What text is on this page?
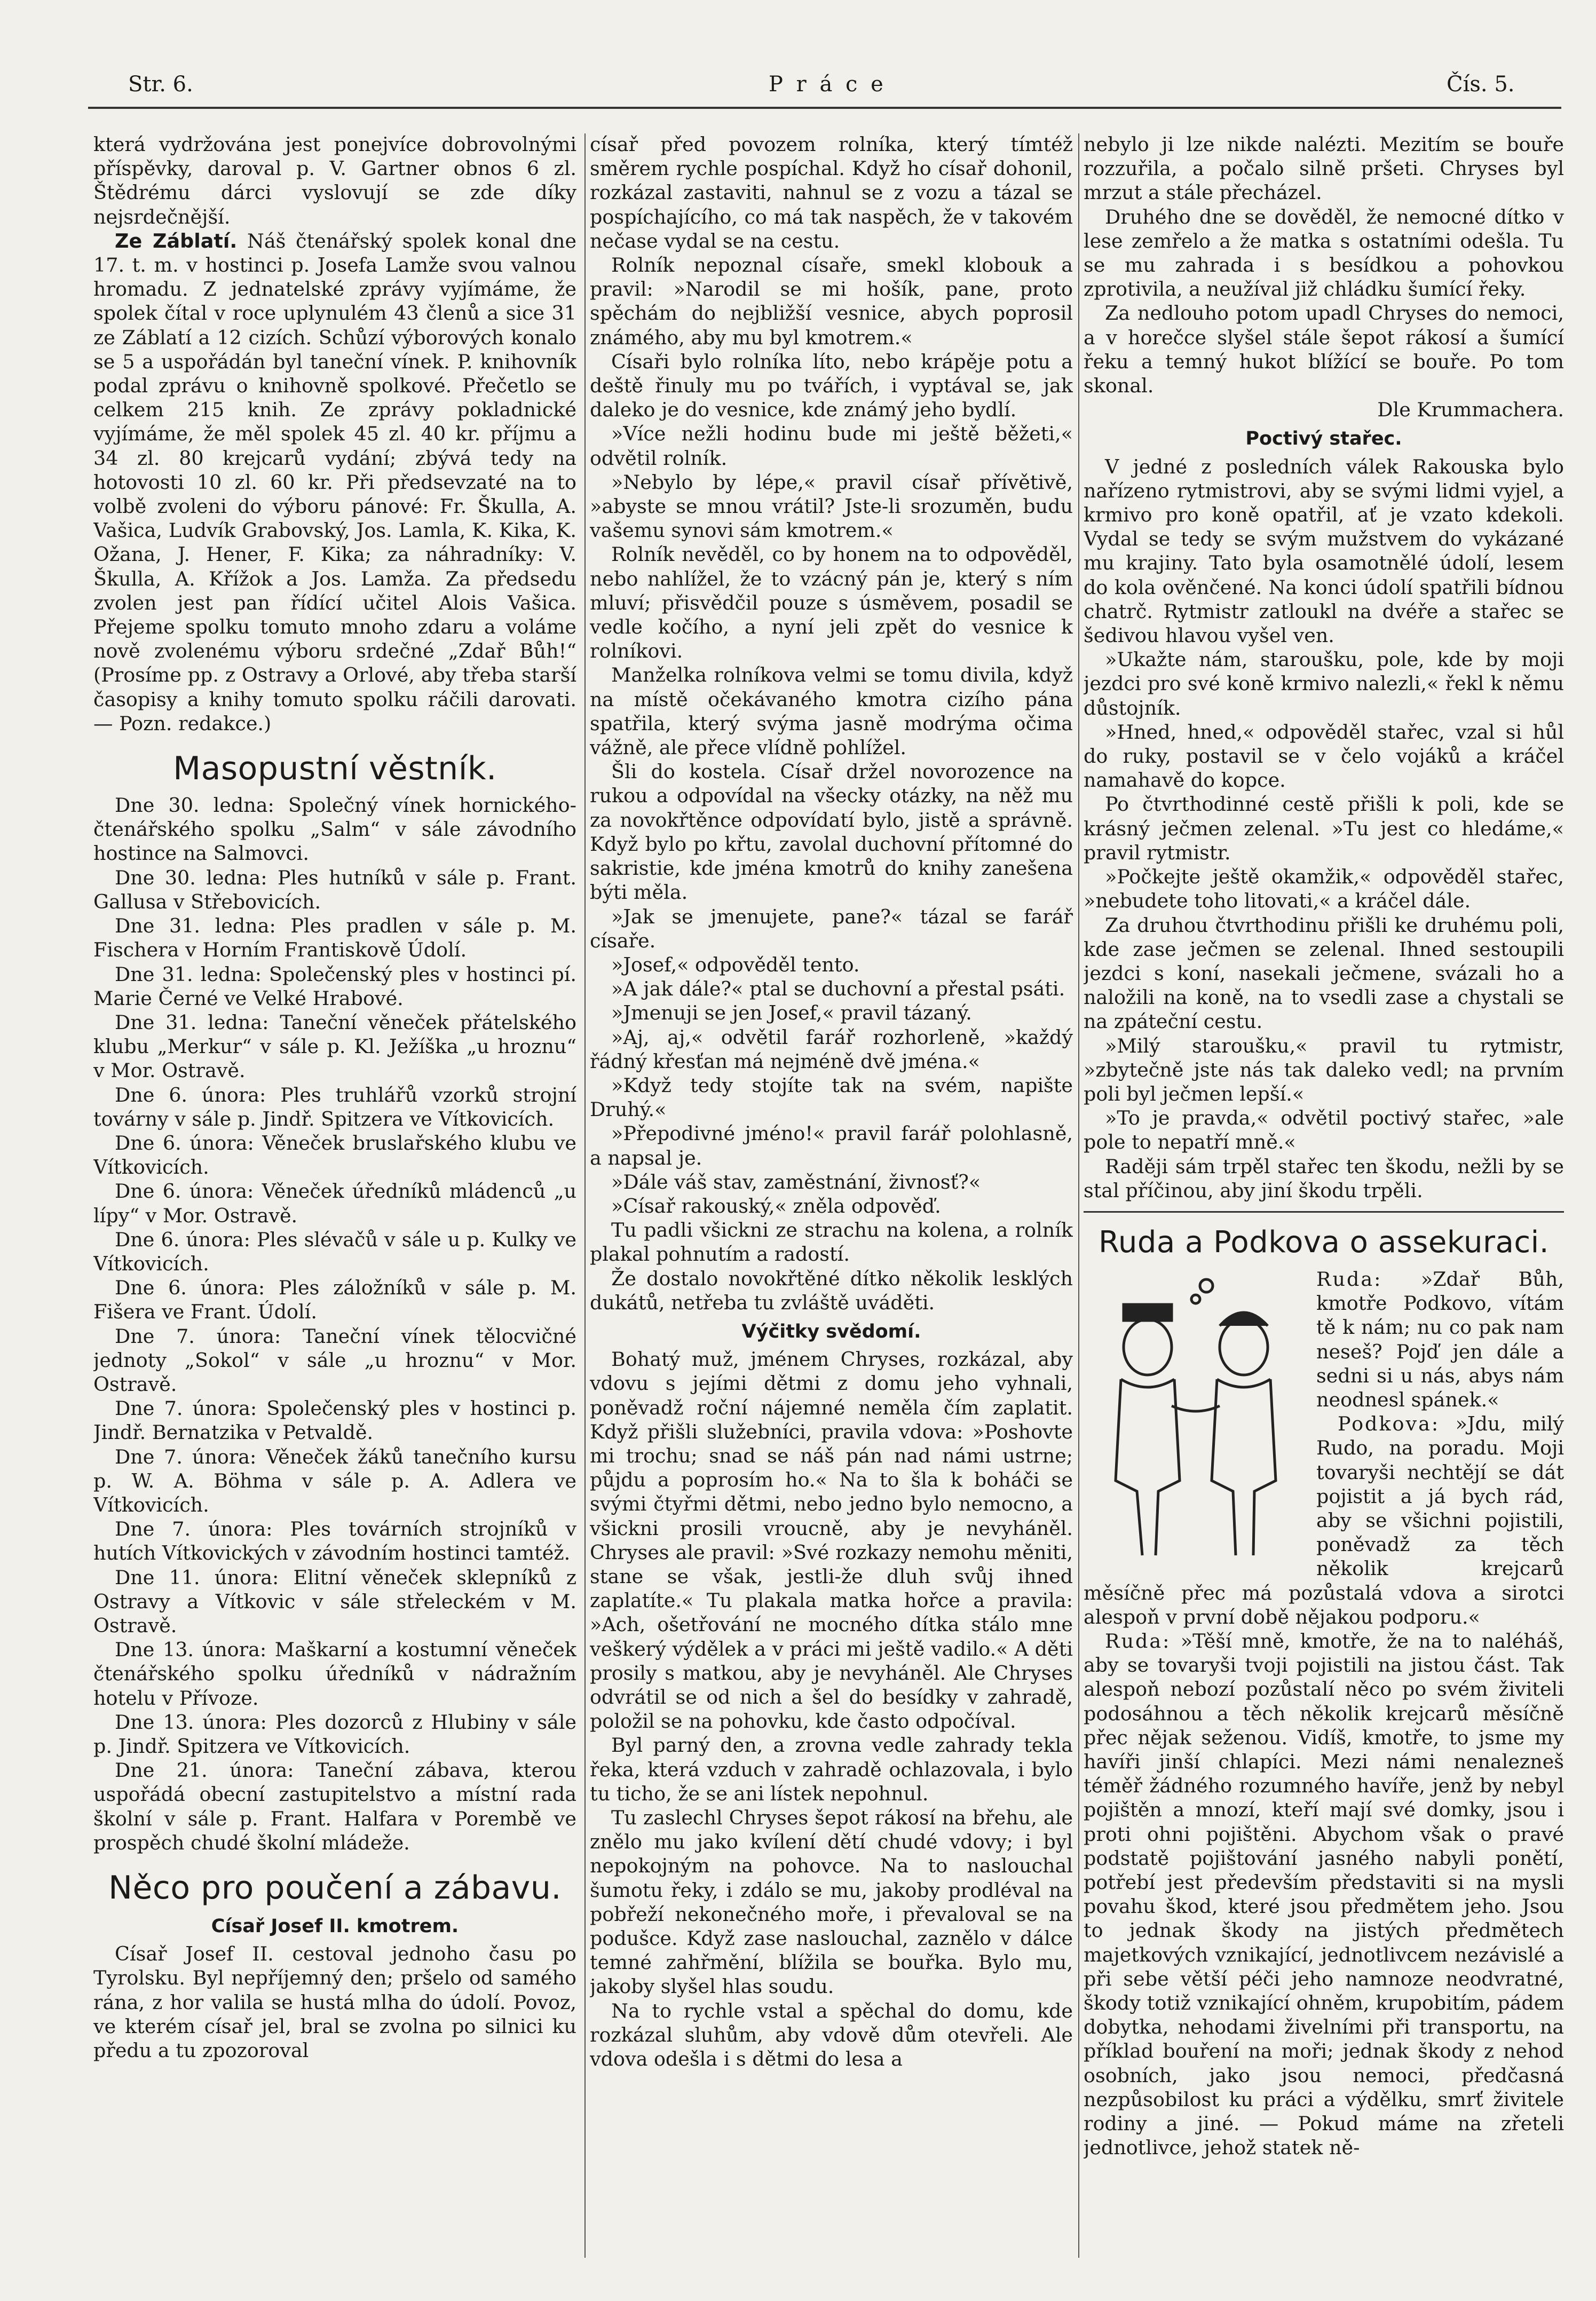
Str. 6.	P r á c e	Čís. 5.

která vydržována jest ponejvíce dobrovolnými příspěvky, daroval p. V. Gartner obnos 6 zl. Štědrému dárci vyslovují se zde díky nejsrdečnější.

Ze Záblatí. Náš čtenářský spolek konal dne 17. t. m. v hostinci p. Josefa Lamže svou valnou hromadu. Z jednatelské zprávy vyjímáme, že spolek čítal v roce uplynulém 43 členů a sice 31 ze Záblatí a 12 cizích. Schůzí výborových konalo se 5 a uspořádán byl taneční vínek. P. knihovník podal zprávu o knihovně spolkové. Přečetlo se celkem 215 knih. Ze zprávy pokladnické vyjímáme, že měl spolek 45 zl. 40 kr. příjmu a 34 zl. 80 krejcarů vydání; zbývá tedy na hotovosti 10 zl. 60 kr. Při předsevzaté na to volbě zvoleni do výboru pánové: Fr. Škulla, A. Vašica, Ludvík Grabovský, Jos. Lamla, K. Kika, K. Ožana, J. Hener, F. Kika; za náhradníky: V. Škulla, A. Křížok a Jos. Lamža. Za předsedu zvolen jest pan řídící učitel Alois Vašica. Přejeme spolku tomuto mnoho zdaru a voláme nově zvolenému výboru srdečné „Zdař Bůh!“ (Prosíme pp. z Ostravy a Orlové, aby třeba starší časopisy a knihy tomuto spolku ráčili darovati. — Pozn. redakce.)

Masopustní věstník.

Dne 30. ledna: Společný vínek hornického-čtenářského spolku „Salm“ v sále závodního hostince na Salmovci.

Dne 30. ledna: Ples hutníků v sále p. Frant. Gallusa v Střebovicích.

Dne 31. ledna: Ples pradlen v sále p. M. Fischera v Horním Frantiskově Údolí.

Dne 31. ledna: Společenský ples v hostinci pí. Marie Černé ve Velké Hrabové.

Dne 31. ledna: Taneční věneček přátelského klubu „Merkur“ v sále p. Kl. Ježíška „u hroznu“ v Mor. Ostravě.

Dne 6. února: Ples truhlářů vzorků strojní továrny v sále p. Jindř. Spitzera ve Vítkovicích.

Dne 6. února: Věneček bruslařského klubu ve Vítkovicích.

Dne 6. února: Věneček úředníků mládenců „u lípy“ v Mor. Ostravě.

Dne 6. února: Ples slévačů v sále u p. Kulky ve Vítkovicích.

Dne 6. února: Ples záložníků v sále p. M. Fišera ve Frant. Údolí.

Dne 7. února: Taneční vínek tělocvičné jednoty „Sokol“ v sále „u hroznu“ v Mor. Ostravě.

Dne 7. února: Společenský ples v hostinci p. Jindř. Bernatzika v Petvaldě.

Dne 7. února: Věneček žáků tanečního kursu p. W. A. Böhma v sále p. A. Adlera ve Vítkovicích.

Dne 7. února: Ples továrních strojníků v hutích Vítkovických v závodním hostinci tamtéž.

Dne 11. února: Elitní věneček sklepníků z Ostravy a Vítkovic v sále střeleckém v M. Ostravě.

Dne 13. února: Maškarní a kostumní věneček čtenářského spolku úředníků v nádražním hotelu v Přívoze.

Dne 13. února: Ples dozorců z Hlubiny v sále p. Jindř. Spitzera ve Vítkovicích.

Dne 21. února: Taneční zábava, kterou uspořádá obecní zastupitelstvo a místní rada školní v sále p. Frant. Halfara v Porembě ve prospěch chudé školní mládeže.

Něco pro poučení a zábavu.
Císař Josef II. kmotrem.

Císař Josef II. cestoval jednoho času po Tyrolsku. Byl nepříjemný den; pršelo od samého rána, z hor valila se hustá mlha do údolí. Povoz, ve kterém císař jel, bral se zvolna po silnici ku předu a tu zpozoroval

císař před povozem rolníka, který tímtéž směrem rychle pospíchal. Když ho císař dohonil, rozkázal zastaviti, nahnul se z vozu a tázal se pospíchajícího, co má tak naspěch, že v takovém nečase vydal se na cestu.

Rolník nepoznal císaře, smekl klobouk a pravil: »Narodil se mi hošík, pane, proto spěchám do nejbližší vesnice, abych poprosil známého, aby mu byl kmotrem.«

Císaři bylo rolníka líto, nebo krápěje potu a deště řinuly mu po tvářích, i vyptával se, jak daleko je do vesnice, kde známý jeho bydlí.

»Více nežli hodinu bude mi ještě běžeti,« odvětil rolník.

»Nebylo by lépe,« pravil císař přívětivě, »abyste se mnou vrátil? Jste-li srozuměn, budu vašemu synovi sám kmotrem.«

Rolník nevěděl, co by honem na to odpověděl, nebo nahlížel, že to vzácný pán je, který s ním mluví; přisvědčil pouze s úsměvem, posadil se vedle kočího, a nyní jeli zpět do vesnice k rolníkovi.

Manželka rolníkova velmi se tomu divila, když na místě očekávaného kmotra cizího pána spatřila, který svýma jasně modrýma očima vážně, ale přece vlídně pohlížel.

Šli do kostela. Císař držel novorozence na rukou a odpovídal na všecky otázky, na něž mu za novokřtěnce odpovídatí bylo, jistě a správně. Když bylo po křtu, zavolal duchovní přítomné do sakristie, kde jména kmotrů do knihy zanešena býti měla.

»Jak se jmenujete, pane?« tázal se farář císaře.

»Josef,« odpověděl tento.

»A jak dále?« ptal se duchovní a přestal psáti.

»Jmenuji se jen Josef,« pravil tázaný.

»Aj, aj,« odvětil farář rozhorleně, »každý řádný křesťan má nejméně dvě jména.«

»Když tedy stojíte tak na svém, napište Druhý.«

»Přepodivné jméno!« pravil farář polohlasně, a napsal je.

»Dále váš stav, zaměstnání, živnosť?«

»Císař rakouský,« zněla odpověď.

Tu padli všickni ze strachu na kolena, a rolník plakal pohnutím a radostí.

Že dostalo novokřtěné dítko několik lesklých dukátů, netřeba tu zvláště uváděti.

Výčitky svědomí.

Bohatý muž, jménem Chryses, rozkázal, aby vdovu s jejími dětmi z domu jeho vyhnali, poněvadž roční nájemné neměla čím zaplatit. Když přišli služebníci, pravila vdova: »Poshovte mi trochu; snad se náš pán nad námi ustrne; půjdu a poprosím ho.« Na to šla k boháči se svými čtyřmi dětmi, nebo jedno bylo nemocno, a všickni prosili vroucně, aby je nevyháněl. Chryses ale pravil: »Své rozkazy nemohu měniti, stane se však, jestli-že dluh svůj ihned zaplatíte.« Tu plakala matka hořce a pravila: »Ach, ošetřování ne mocného dítka stálo mne veškerý výdělek a v práci mi ještě vadilo.« A děti prosily s matkou, aby je nevyháněl. Ale Chryses odvrátil se od nich a šel do besídky v zahradě, položil se na pohovku, kde často odpočíval.

Byl parný den, a zrovna vedle zahrady tekla řeka, která vzduch v zahradě ochlazovala, i bylo tu ticho, že se ani lístek nepohnul.

Tu zaslechl Chryses šepot rákosí na břehu, ale znělo mu jako kvílení dětí chudé vdovy; i byl nepokojným na pohovce. Na to naslouchal šumotu řeky, i zdálo se mu, jakoby prodléval na pobřeží nekonečného moře, i převaloval se na podušce. Když zase naslouchal, zaznělo v dálce temné zahřmění, blížila se bouřka. Bylo mu, jakoby slyšel hlas soudu.

Na to rychle vstal a spěchal do domu, kde rozkázal sluhům, aby vdově dům otevřeli. Ale vdova odešla i s dětmi do lesa a

nebylo ji lze nikde nalézti. Mezitím se bouře rozzuřila, a počalo silně pršeti. Chryses byl mrzut a stále přecházel.

Druhého dne se dověděl, že nemocné dítko v lese zemřelo a že matka s ostatními odešla. Tu se mu zahrada i s besídkou a pohovkou zprotivila, a neužíval již chládku šumící řeky.

Za nedlouho potom upadl Chryses do nemoci, a v horečce slyšel stále šepot rákosí a šumící řeku a temný hukot blížící se bouře. Po tom skonal.

Dle Krummachera.
Poctivý stařec.

V jedné z posledních válek Rakouska bylo nařízeno rytmistrovi, aby se svými lidmi vyjel, a krmivo pro koně opatřil, ať je vzato kdekoli. Vydal se tedy se svým mužstvem do vykázané mu krajiny. Tato byla osamotnělé údolí, lesem do kola ověnčené. Na konci údolí spatřili bídnou chatrč. Rytmistr zatloukl na dvéře a stařec se šedivou hlavou vyšel ven.

»Ukažte nám, staroušku, pole, kde by moji jezdci pro své koně krmivo nalezli,« řekl k němu důstojník.

»Hned, hned,« odpověděl stařec, vzal si hůl do ruky, postavil se v čelo vojáků a kráčel namahavě do kopce.

Po čtvrthodinné cestě přišli k poli, kde se krásný ječmen zelenal. »Tu jest co hledáme,« pravil rytmistr.

»Počkejte ještě okamžik,« odpověděl stařec, »nebudete toho litovati,« a kráčel dále.

Za druhou čtvrthodinu přišli ke druhému poli, kde zase ječmen se zelenal. Ihned sestoupili jezdci s koní, nasekali ječmene, svázali ho a naložili na koně, na to vsedli zase a chystali se na zpáteční cestu.

»Milý staroušku,« pravil tu rytmistr, »zbytečně jste nás tak daleko vedl; na prvním poli byl ječmen lepší.«

»To je pravda,« odvětil poctivý stařec, »ale pole to nepatří mně.«

Raději sám trpěl stařec ten škodu, nežli by se stal příčinou, aby jiní škodu trpěli.

Ruda a Podkova o assekuraci.

Ruda: »Zdař Bůh, kmotře Podkovo, vítám tě k nám; nu co pak nam neseš? Pojď jen dále a sedni si u nás, abys nám neodnesl spánek.«

Podkova: »Jdu, milý Rudo, na poradu. Moji tovaryši nechtějí se dát pojistit a já bych rád, aby se všichni pojistili, poněvadž za těch několik krejcarů měsíčně přec má pozůstalá vdova a sirotci alespoň v první době nějakou podporu.«

Ruda: »Těší mně, kmotře, že na to naléháš, aby se tovaryši tvoji pojistili na jistou část. Tak alespoň nebozí pozůstalí něco po svém živiteli podosáhnou a těch několik krejcarů měsíčně přec nějak seženou. Vidíš, kmotře, to jsme my havíři jinší chlapíci. Mezi námi nenalezneš téměř žádného rozumného havíře, jenž by nebyl pojištěn a mnozí, kteří mají své domky, jsou i proti ohni pojištěni. Abychom však o pravé podstatě pojištování jasného nabyli ponětí, potřebí jest především představiti si na mysli povahu škod, které jsou předmětem jeho. Jsou to jednak škody na jistých předmětech majetkových vznikající, jednotlivcem nezávislé a při sebe větší péči jeho namnoze neodvratné, škody totiž vznikající ohněm, krupobitím, pádem dobytka, nehodami živelními při transportu, na příklad bouření na moři; jednak škody z nehod osobních, jako jsou nemoci, předčasná nezpůsobilost ku práci a výdělku, smrť živitele rodiny a jiné. — Pokud máme na zřeteli jednotlivce, jehož statek ně-
